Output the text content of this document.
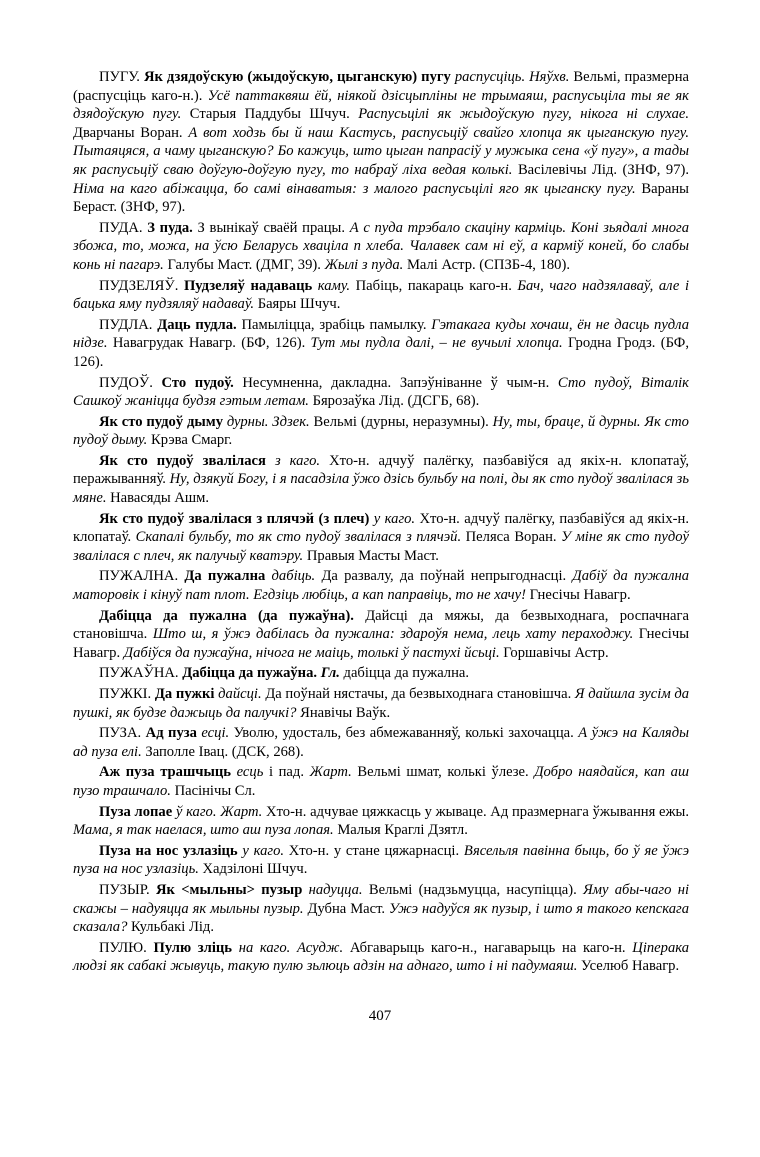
ПУГУ. Як дзядоўскую (жыдоўскую, цыганскую) пугу распусціць. Няўхв. Вельмі, празмерна (распусціць каго-н.). Усё паттаквяш ёй, ніякой дзісцыпліны не трымаяш, распусьціла ты яе як дзядоўскую пугу. Старыя Паддубы Шчуч. Распусьцілі як жыдоўскую пугу, нікога ні слухае. Дварчаны Воран. А вот ходзь бы й наш Кастусь, распусьціў свайго хлопца як цыганскую пугу. Пытаяцяся, а чаму цыганскую? Бо кажуць, што цыган папрасіў у мужыка сена «ў пугу», а тады як распусьціў сваю доўгую-доўгую пугу, то набраў ліха ведая колькі. Васілевічы Лід. (ЗНФ, 97). Німа на каго абіжацца, бо самі вінаватыя: з малого распусьцілі яго як цыганску пугу. Вараны Бераст. (ЗНФ, 97).

ПУДА. З пуда. З вынікаў сваёй працы. А с пуда трэбало скаціну карміць. Коні зьядалі многа збожа, то, можа, на ўсю Беларусь хваціла п хлеба. Чалавек сам ні еў, а карміў коней, бо слабы конь ні пагарэ. Галубы Маст. (ДМГ, 39). Жылі з пуда. Малі Астр. (СПЗБ-4, 180).

ПУДЗЕЛЯЎ. Пудзеляў надаваць каму. Пабіць, пакараць каго-н. Бач, чаго надзялаваў, але і бацька яму пудзяляў надаваў. Баяры Шчуч.

ПУДЛА. Даць пудла. Памыліцца, зрабіць памылку. Гэтакага куды хочаш, ён не дасць пудла нідзе. Навагрудак Навагр. (БФ, 126). Тут мы пудла далі, – не вучылі хлопца. Гродна Гродз. (БФ, 126).

ПУДОЎ. Сто пудоў. Несумненна, дакладна. Запэўніванне ў чым-н. Сто пудоў, Віталік Сашкоў жаніцца будзя гэтым летам. Бярозаўка Лід. (ДСГБ, 68).

Як сто пудоў дыму дурны. Здзек. Вельмі (дурны, неразумны). Ну, ты, браце, й дурны. Як сто пудоў дыму. Крэва Смарг.

Як сто пудоў звалілася з каго. Хто-н. адчуў палёгку, пазбавіўся ад якіх-н. клопатаў, перажыванняў. Ну, дзякуй Богу, і я пасадзіла ўжо дзісь бульбу на полі, ды як сто пудоў звалілася зь мяне. Навасяды Ашм.

Як сто пудоў звалілася з плячэй (з плеч) у каго. Хто-н. адчуў палёгку, пазбавіўся ад якіх-н. клопатаў. Скапалі бульбу, то як сто пудоў звалілася з плячэй. Пеляса Воран. У міне як сто пудоў звалілася с плеч, як палучыў кватэру. Правыя Масты Маст.

ПУЖАЛНА. Да пужална дабіць. Да развалу, да поўнай непрыгоднасці. Дабіў да пужална маторовік і кінуў пат плот. Егдзіць любіць, а кап паправіць, то не хачу! Гнесічы Навагр.

Дабіцца да пужална (да пужаўна). Дайсці да мяжы, да безвыходнага, роспачнага становішча. Што ш, я ўжэ дабілась да пужална: здароўя нема, лець хату пераходжу. Гнесічы Навагр. Дабіўся да пужаўна, нічога не маіць, толькі ў пастухі йсьці. Горшавічы Астр.

ПУЖАЎНА. Дабіцца да пужаўна. Гл. дабіцца да пужална.

ПУЖКІ. Да пужкі дайсці. Да поўнай нястачы, да безвыходнага становішча. Я дайшла зусім да пушкі, як будзе дажыць да палучкі? Янавічы Ваўк.

ПУЗА. Ад пуза есці. Уволю, удосталь, без абмежаванняў, колькі захочацца. А ўжэ на Каляды ад пуза елі. Заполле Івац. (ДСК, 268).

Аж пуза трашчыць есць і пад. Жарт. Вельмі шмат, колькі ўлезе. Добро наядайся, кап аш пузо трашчало. Пасінічы Сл.

Пуза лопае ў каго. Жарт. Хто-н. адчувае цяжкасць у жываце. Ад празмернага ўжывання ежы. Мама, я так наелася, што аш пуза лопая. Малыя Краглі Дзятл.

Пуза на нос узлазіць у каго. Хто-н. у стане цяжарнасці. Вясельля павінна быць, бо ў яе ўжэ пуза на нос узлазіць. Хадзілоні Шчуч.

ПУЗЫР. Як <мыльны> пузыр надуцца. Вельмі (надзьмуцца, насупіцца). Яму абы-чаго ні скажы – надуяцца як мыльны пузыр. Дубна Маст. Ужэ надуўся як пузыр, і што я такого кепскага сказала? Кульбакі Лід.

ПУЛЮ. Пулю зліць на каго. Асудж. Абгаварыць каго-н., нагаварыць на каго-н. Ціперака людзі як сабакі жывуць, такую пулю зьлюць адзін на аднаго, што і ні падумаяш. Уселюб Навагр.

407
